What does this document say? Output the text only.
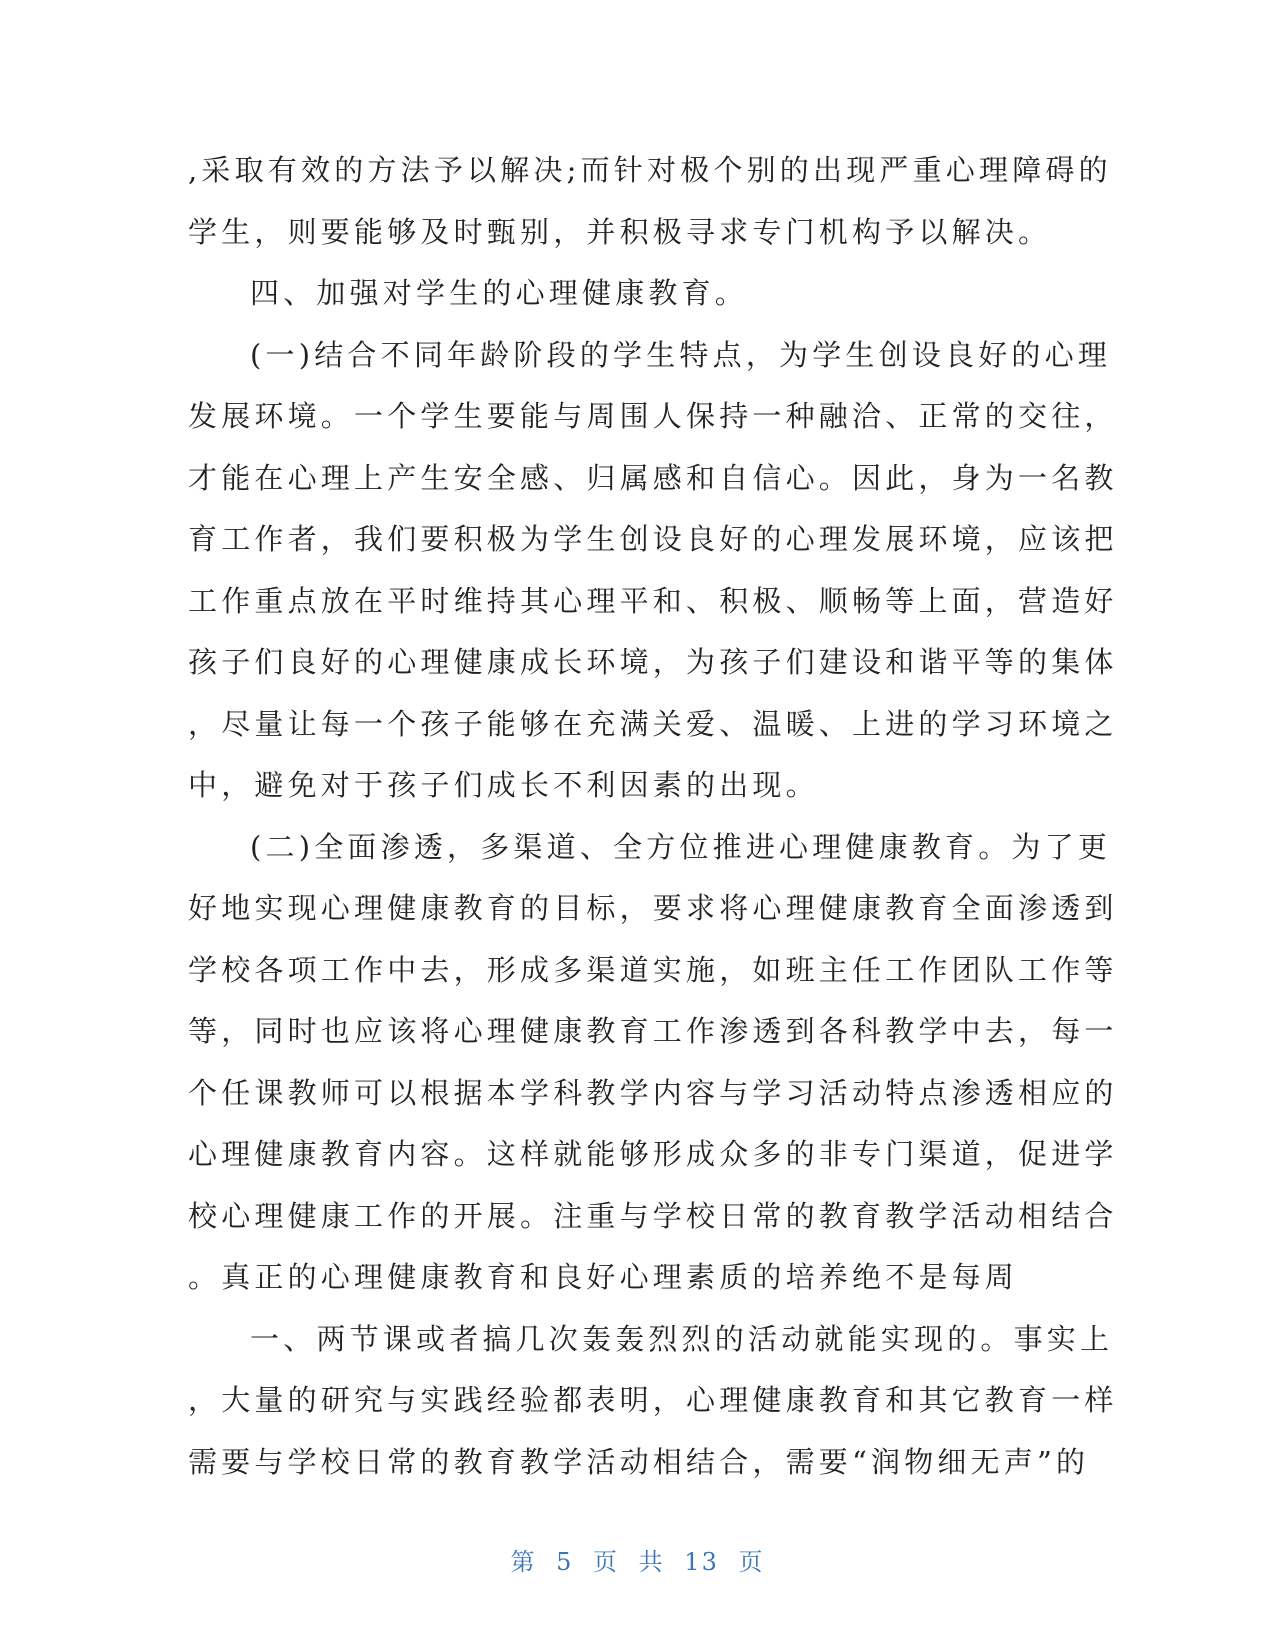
,采取有效的方法予以解决;而针对极个别的出现严重心理障碍的
学生，则要能够及时甄别，并积极寻求专门机构予以解决。
四、加强对学生的心理健康教育。
(一)结合不同年龄阶段的学生特点，为学生创设良好的心理
发展环境。一个学生要能与周围人保持一种融洽、正常的交往，
才能在心理上产生安全感、归属感和自信心。因此，身为一名教
育工作者，我们要积极为学生创设良好的心理发展环境，应该把
工作重点放在平时维持其心理平和、积极、顺畅等上面，营造好
孩子们良好的心理健康成长环境，为孩子们建设和谐平等的集体
，尽量让每一个孩子能够在充满关爱、温暖、上进的学习环境之
中，避免对于孩子们成长不利因素的出现。
(二)全面渗透，多渠道、全方位推进心理健康教育。为了更
好地实现心理健康教育的目标，要求将心理健康教育全面渗透到
学校各项工作中去，形成多渠道实施，如班主任工作团队工作等
等，同时也应该将心理健康教育工作渗透到各科教学中去，每一
个任课教师可以根据本学科教学内容与学习活动特点渗透相应的
心理健康教育内容。这样就能够形成众多的非专门渠道，促进学
校心理健康工作的开展。注重与学校日常的教育教学活动相结合
。真正的心理健康教育和良好心理素质的培养绝不是每周
一、两节课或者搞几次轰轰烈烈的活动就能实现的。事实上
，大量的研究与实践经验都表明，心理健康教育和其它教育一样
需要与学校日常的教育教学活动相结合，需要“润物细无声”的
第 5 页 共 13 页
